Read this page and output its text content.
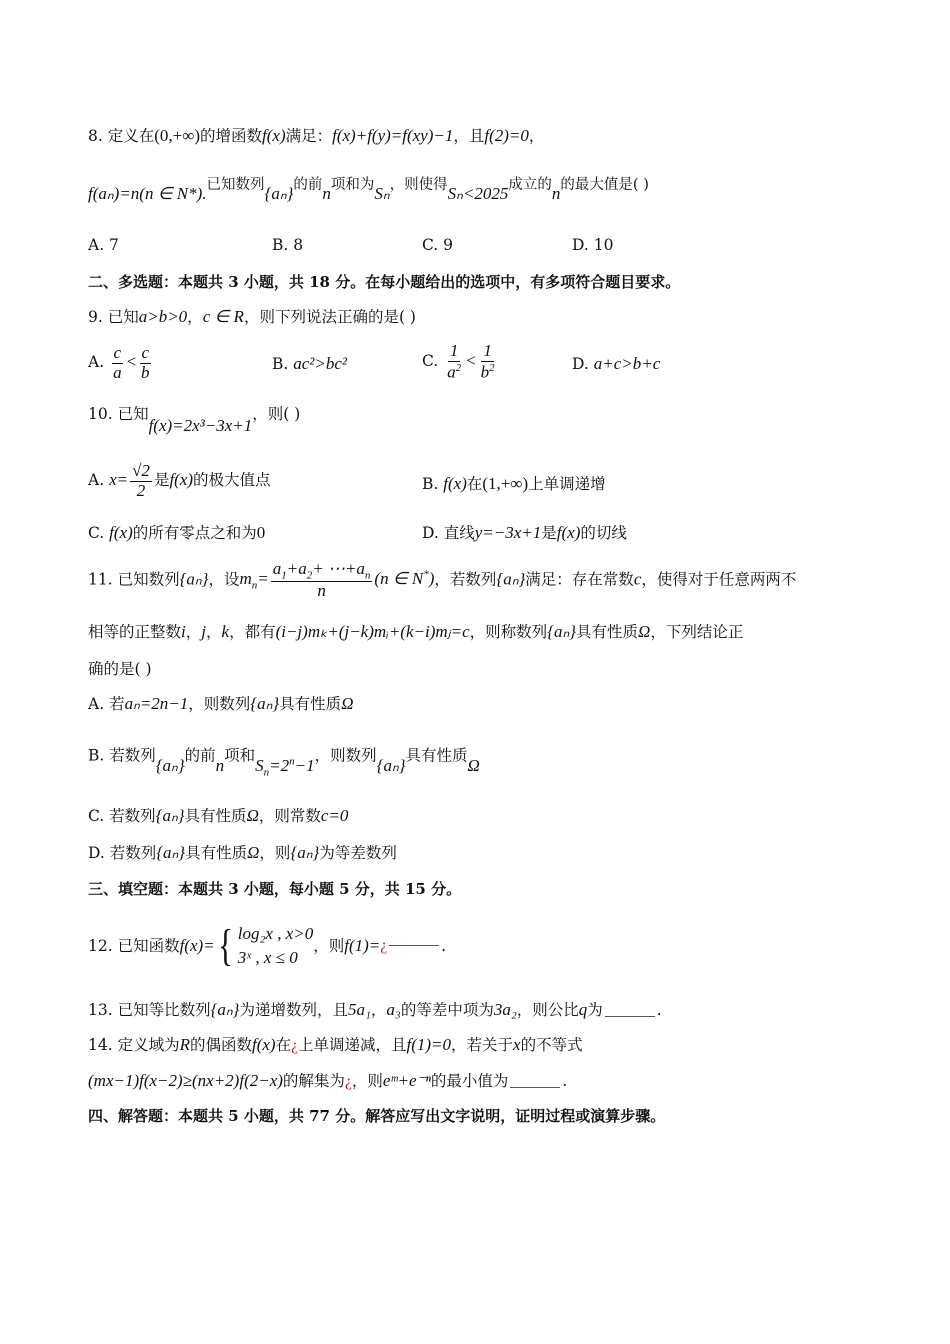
8. 定义在(0,+∞)的增函数f(x)满足：f(x)+f(y)=f(xy)−1，且f(2)=0，
f(aₙ)=n(n ∈ N*).已知数列{aₙ}的前n项和为Sₙ，则使得Sₙ<2025成立的n的最大值是( )
A. 7	B. 8	C. 9	D. 10
二、多选题：本题共 3 小题，共 18 分。在每小题给出的选项中，有多项符合题目要求。
9. 已知a>b>0，c ∈ R，则下列说法正确的是( )
A. $\frac{c}{a} < \frac{c}{b}$	B. ac²>bc²	C. $\frac{1}{a^2} < \frac{1}{b^2}$	D. a+c>b+c
10. 已知f(x)=2x³−3x+1，则( )
A. $x= \frac{√2}{2}$ 是f(x)的极大值点	B. f(x)在(1,+∞)上单调递增
C. f(x)的所有零点之和为0	D. 直线y=−3x+1是f(x)的切线
11. 已知数列{aₙ}，设$m_n= \frac{a_1+a_2+ \cdots+a_n}{n} (n$ ∈ N*)，若数列{aₙ}满足：存在常数c，使得对于任意两两不
相等的正整数i，j，k，都有(i−j)mₖ+(j−k)mᵢ+(k−i)mⱼ=c，则称数列{aₙ}具有性质Ω，下列结论正
确的是( )
A. 若aₙ=2n−1，则数列{aₙ}具有性质Ω
B. 若数列{aₙ}的前n项和$S_n=2^n-1$，则数列{aₙ}具有性质Ω
C. 若数列{aₙ}具有性质Ω，则常数c=0
D. 若数列{aₙ}具有性质Ω，则{aₙ}为等差数列
三、填空题：本题共 3 小题，每小题 5 分，共 15 分。
12. 已知函数 f(x)= { log₂x , x>0
3ˣ , x ≤ 0
，则 f(1)= ¿	.
13. 已知等比数列{aₙ}为递增数列，且5a₁，a₃的等差中项为3a₂，则公比q为	.
14. 定义域为R的偶函数f(x)在¿上单调递减，且f(1)=0，若关于x的不等式
(mx−1)f(x−2)≥(nx+2)f(2−x)的解集为¿，则eᵐ+e⁻ⁿ的最小值为	.
四、解答题：本题共 5 小题，共 77 分。解答应写出文字说明，证明过程或演算步骤。
